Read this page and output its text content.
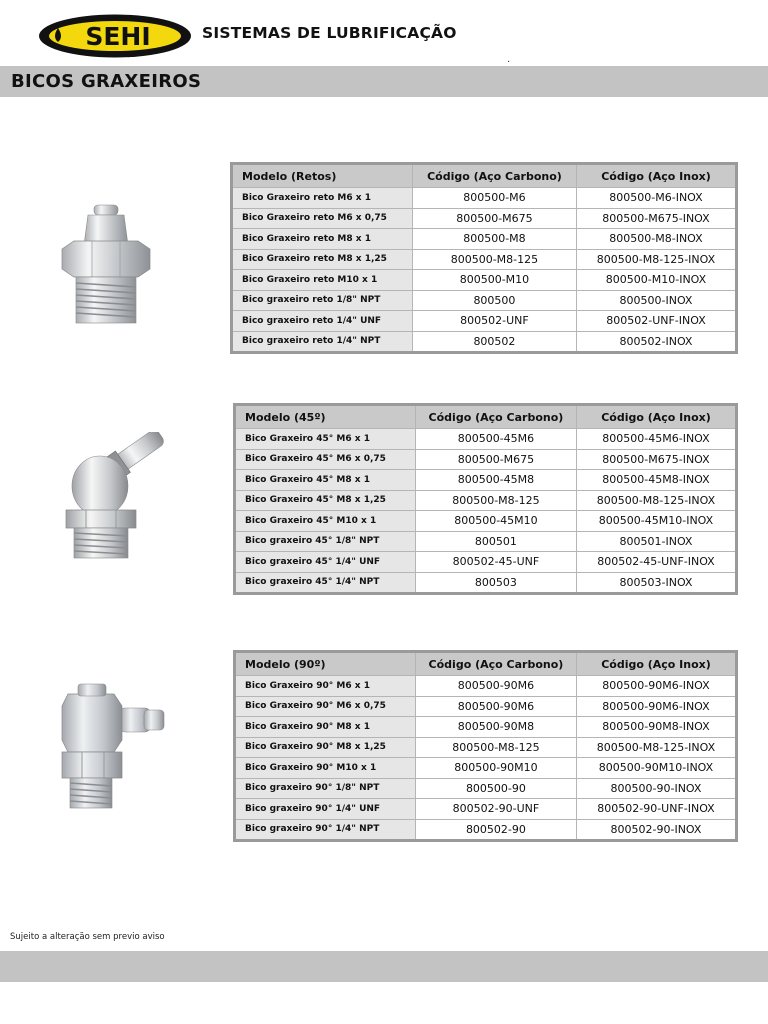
SEHI	SISTEMAS DE LUBRIFICAÇÃO
.
BICOS GRAXEIROS
Modelo (Retos)	Código (Aço Carbono)	Código (Aço Inox)
Bico Graxeiro reto M6 x 1	800500-M6	800500-M6-INOX
Bico Graxeiro reto M6 x 0,75	800500-M675	800500-M675-INOX
Bico Graxeiro reto M8 x 1	800500-M8	800500-M8-INOX
Bico Graxeiro reto M8 x 1,25	800500-M8-125	800500-M8-125-INOX
Bico Graxeiro reto M10 x 1	800500-M10	800500-M10-INOX
Bico graxeiro reto 1/8" NPT	800500	800500-INOX
Bico graxeiro reto 1/4" UNF	800502-UNF	800502-UNF-INOX
Bico graxeiro reto 1/4" NPT	800502	800502-INOX
Modelo (45º)	Código (Aço Carbono)	Código (Aço Inox)
Bico Graxeiro 45° M6 x 1	800500-45M6	800500-45M6-INOX
Bico Graxeiro 45° M6 x 0,75	800500-M675	800500-M675-INOX
Bico Graxeiro 45° M8 x 1	800500-45M8	800500-45M8-INOX
Bico Graxeiro 45° M8 x 1,25	800500-M8-125	800500-M8-125-INOX
Bico Graxeiro 45° M10 x 1	800500-45M10	800500-45M10-INOX
Bico graxeiro 45° 1/8" NPT	800501	800501-INOX
Bico graxeiro 45° 1/4" UNF	800502-45-UNF	800502-45-UNF-INOX
Bico graxeiro 45° 1/4" NPT	800503	800503-INOX
Modelo (90º)	Código (Aço Carbono)	Código (Aço Inox)
Bico Graxeiro 90° M6 x 1	800500-90M6	800500-90M6-INOX
Bico Graxeiro 90° M6 x 0,75	800500-90M6	800500-90M6-INOX
Bico Graxeiro 90° M8 x 1	800500-90M8	800500-90M8-INOX
Bico Graxeiro 90° M8 x 1,25	800500-M8-125	800500-M8-125-INOX
Bico Graxeiro 90° M10 x 1	800500-90M10	800500-90M10-INOX
Bico graxeiro 90° 1/8" NPT	800500-90	800500-90-INOX
Bico graxeiro 90° 1/4" UNF	800502-90-UNF	800502-90-UNF-INOX
Bico graxeiro 90° 1/4" NPT	800502-90	800502-90-INOX
Sujeito a alteração sem previo aviso
